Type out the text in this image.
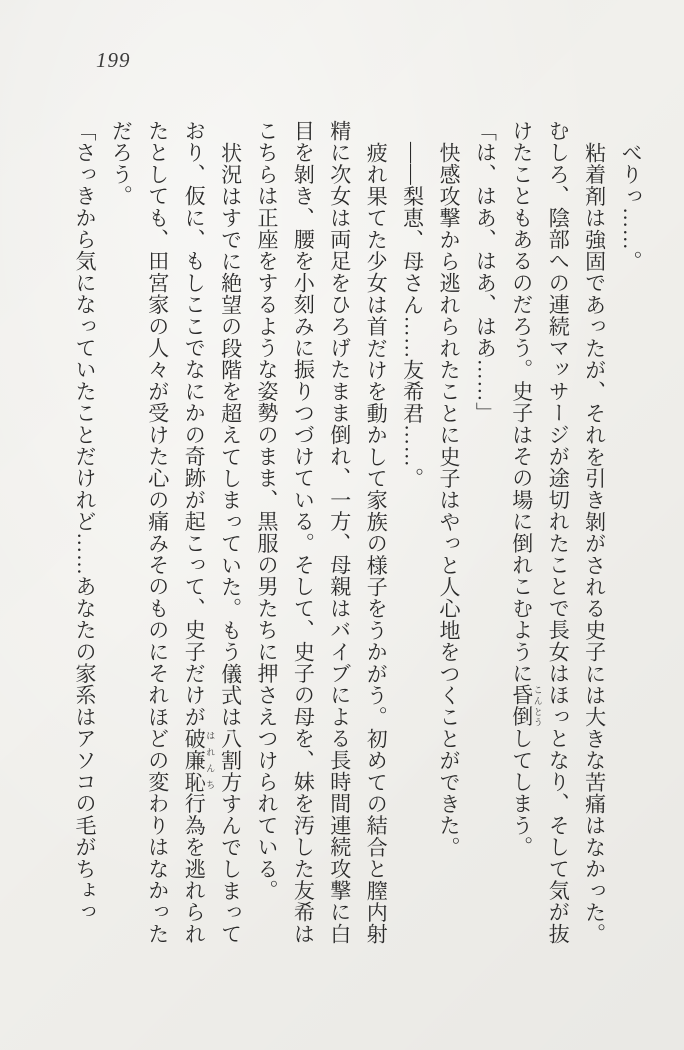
199
べりっ……。
粘着剤は強固であったが、それを引き剝がされる史子には大きな苦痛はなかった。
むしろ、陰部への連続マッサージが途切れたことで長女はほっとなり、そして気が抜
けたこともあるのだろう。史子はその場に倒れこむように昏倒 こんとうしてしまう。
「は、はあ、はあ、はあ……」
快感攻撃から逃れられたことに史子はやっと人心地をつくことができた。
――梨恵、母さん……友希君……。
疲れ果てた少女は首だけを動かして家族の様子をうかがう。初めての結合と膣内射
精に次女は両足をひろげたまま倒れ、一方、母親はバイブによる長時間連続攻撃に白
目を剝き、腰を小刻みに振りつづけている。そして、史子の母を、妹を汚した友希は
こちらは正座をするような姿勢のまま、黒服の男たちに押さえつけられている。
状況はすでに絶望の段階を超えてしまっていた。もう儀式は八割方すんでしまって
おり、仮に、もしここでなにかの奇跡が起こって、史子だけが破廉恥 はれんち行為を逃れられ
たとしても、田宮家の人々が受けた心の痛みそのものにそれほどの変わりはなかった
だろう。
「さっきから気になっていたことだけれど……あなたの家系はアソコの毛がちょっ
